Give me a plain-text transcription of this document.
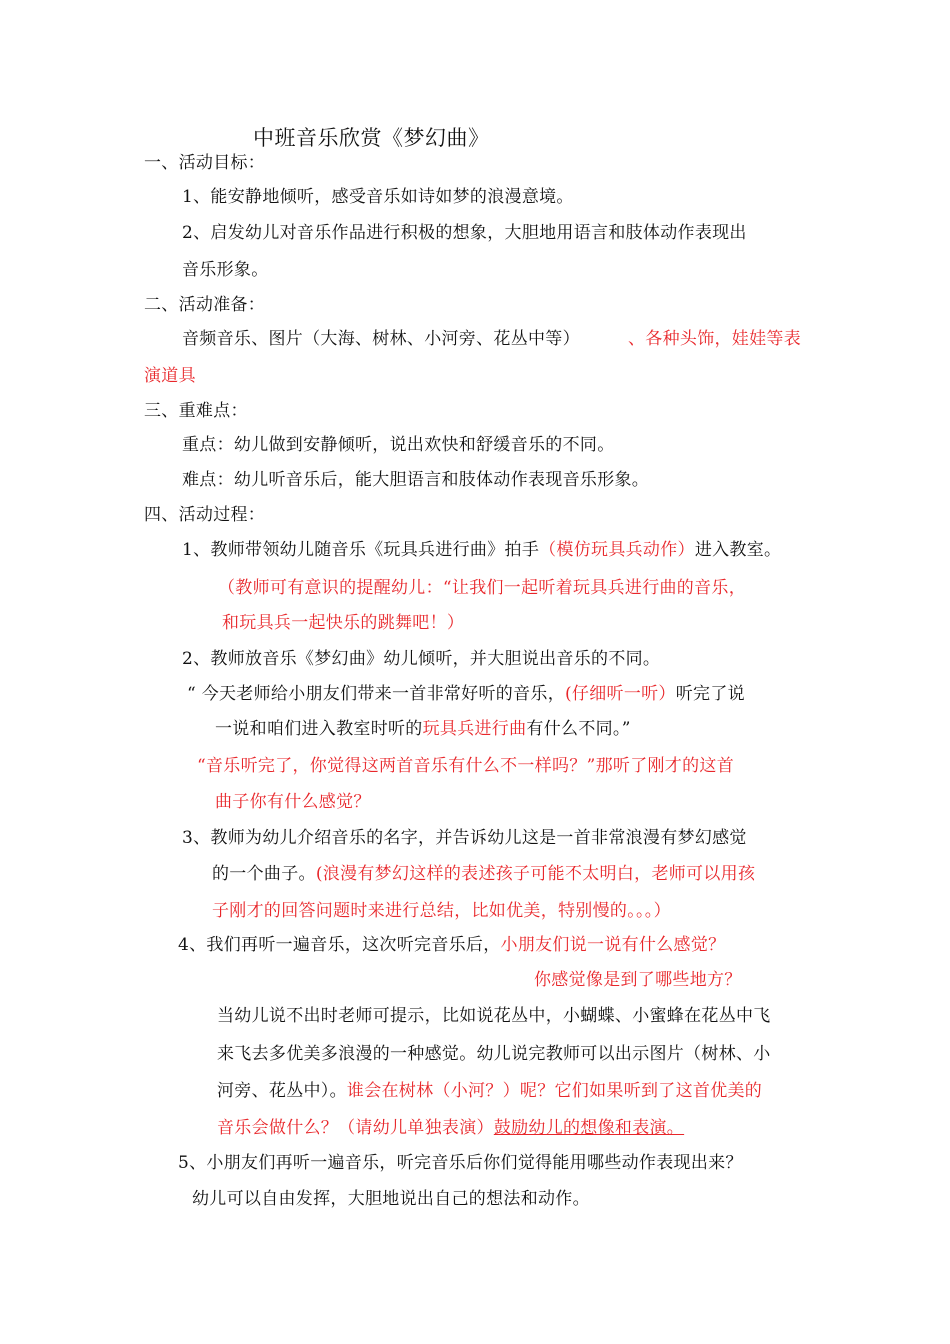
中班音乐欣赏《梦幻曲》
一、活动目标：
1、能安静地倾听，感受音乐如诗如梦的浪漫意境。
2、启发幼儿对音乐作品进行积极的想象，大胆地用语言和肢体动作表现出
音乐形象。
二、活动准备：
音频音乐、图片（大海、树林、小河旁、花丛中等）	、各种头饰，娃娃等表
演道具
三、重难点：
重点：幼儿做到安静倾听，说出欢快和舒缓音乐的不同。
难点：幼儿听音乐后，能大胆语言和肢体动作表现音乐形象。
四、活动过程：
1、教师带领幼儿随音乐《玩具兵进行曲》拍手（模仿玩具兵动作）进入教室。
（教师可有意识的提醒幼儿：“让我们一起听着玩具兵进行曲的音乐，
和玩具兵一起快乐的跳舞吧！）
2、教师放音乐《梦幻曲》幼儿倾听，并大胆说出音乐的不同。
“ 今天老师给小朋友们带来一首非常好听的音乐，(仔细听一听）听完了说
一说和咱们进入教室时听的玩具兵进行曲有什么不同。”
“音乐听完了，你觉得这两首音乐有什么不一样吗？”那听了刚才的这首
曲子你有什么感觉？
3、教师为幼儿介绍音乐的名字，并告诉幼儿这是一首非常浪漫有梦幻感觉
的一个曲子。(浪漫有梦幻这样的表述孩子可能不太明白，老师可以用孩
子刚才的回答问题时来进行总结，比如优美，特别慢的。。。）
4、我们再听一遍音乐，这次听完音乐后，小朋友们说一说有什么感觉？
你感觉像是到了哪些地方？
当幼儿说不出时老师可提示，比如说花丛中，小蝴蝶、小蜜蜂在花丛中飞
来飞去多优美多浪漫的一种感觉。幼儿说完教师可以出示图片（树林、小
河旁、花丛中）。谁会在树林（小河？）呢？它们如果听到了这首优美的
音乐会做什么？（请幼儿单独表演）鼓励幼儿的想像和表演。
5、小朋友们再听一遍音乐，听完音乐后你们觉得能用哪些动作表现出来？
幼儿可以自由发挥，大胆地说出自己的想法和动作。
